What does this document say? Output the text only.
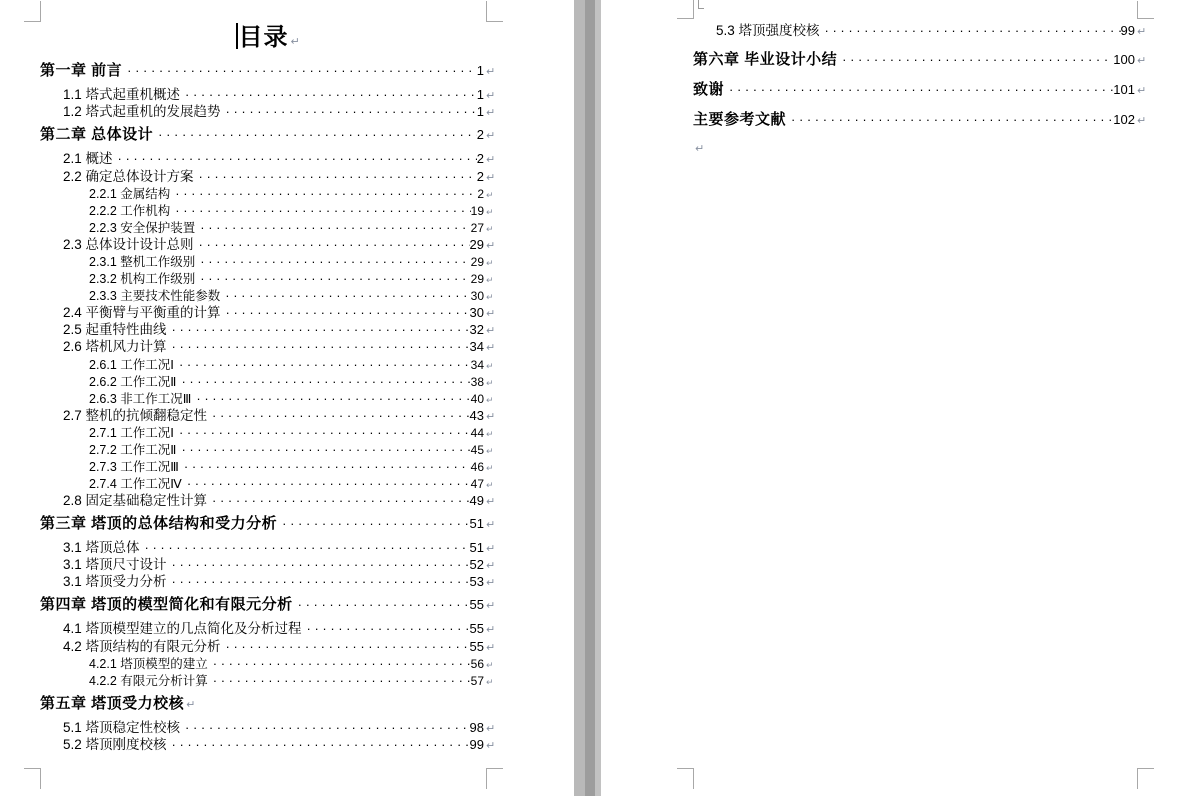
目录 ↵
第一章 前言 ·····	1 ↵
1.1 塔式起重机概述 ·····	1 ↵
1.2 塔式起重机的发展趋势 ·····	1 ↵
第二章 总体设计 ·····	2 ↵
2.1 概述 ·····	2 ↵
2.2 确定总体设计方案 ·····	2 ↵
2.2.1 金属结构 ·····	2 ↵
2.2.2 工作机构 ·····	19 ↵
2.2.3 安全保护装置 ·····	27 ↵
2.3 总体设计设计总则 ·····	29 ↵
2.3.1 整机工作级别 ·····	29 ↵
2.3.2 机构工作级别 ·····	29 ↵
2.3.3 主要技术性能参数 ·····	30 ↵
2.4 平衡臂与平衡重的计算 ·····	30 ↵
2.5 起重特性曲线 ·····	32 ↵
2.6 塔机风力计算 ·····	34 ↵
2.6.1 工作工况Ⅰ ·····	34 ↵
2.6.2 工作工况Ⅱ ·····	38 ↵
2.6.3 非工作工况Ⅲ ·····	40 ↵
2.7 整机的抗倾翻稳定性 ·····	43 ↵
2.7.1 工作工况Ⅰ ·····	44 ↵
2.7.2 工作工况Ⅱ ·····	45 ↵
2.7.3 工作工况Ⅲ ·····	46 ↵
2.7.4 工作工况Ⅳ ·····	47 ↵
2.8 固定基础稳定性计算 ·····	49 ↵
第三章 塔顶的总体结构和受力分析 ·····	51 ↵
3.1 塔顶总体 ·····	51 ↵
3.1 塔顶尺寸设计 ·····	52 ↵
3.1 塔顶受力分析 ·····	53 ↵
第四章 塔顶的模型简化和有限元分析 ·····	55 ↵
4.1 塔顶模型建立的几点简化及分析过程 ·····	55 ↵
4.2 塔顶结构的有限元分析 ·····	55 ↵
4.2.1 塔顶模型的建立 ·····	56 ↵
4.2.2 有限元分析计算 ·····	57 ↵
第五章 塔顶受力校核 ↵
5.1 塔顶稳定性校核 ·····	98 ↵
5.2 塔顶刚度校核 ·····	99 ↵
5.3 塔顶强度校核 ·····	99 ↵
第六章 毕业设计小结 ·····	100 ↵
致谢 ·····	101 ↵
主要参考文献 ·····	102 ↵
↵
